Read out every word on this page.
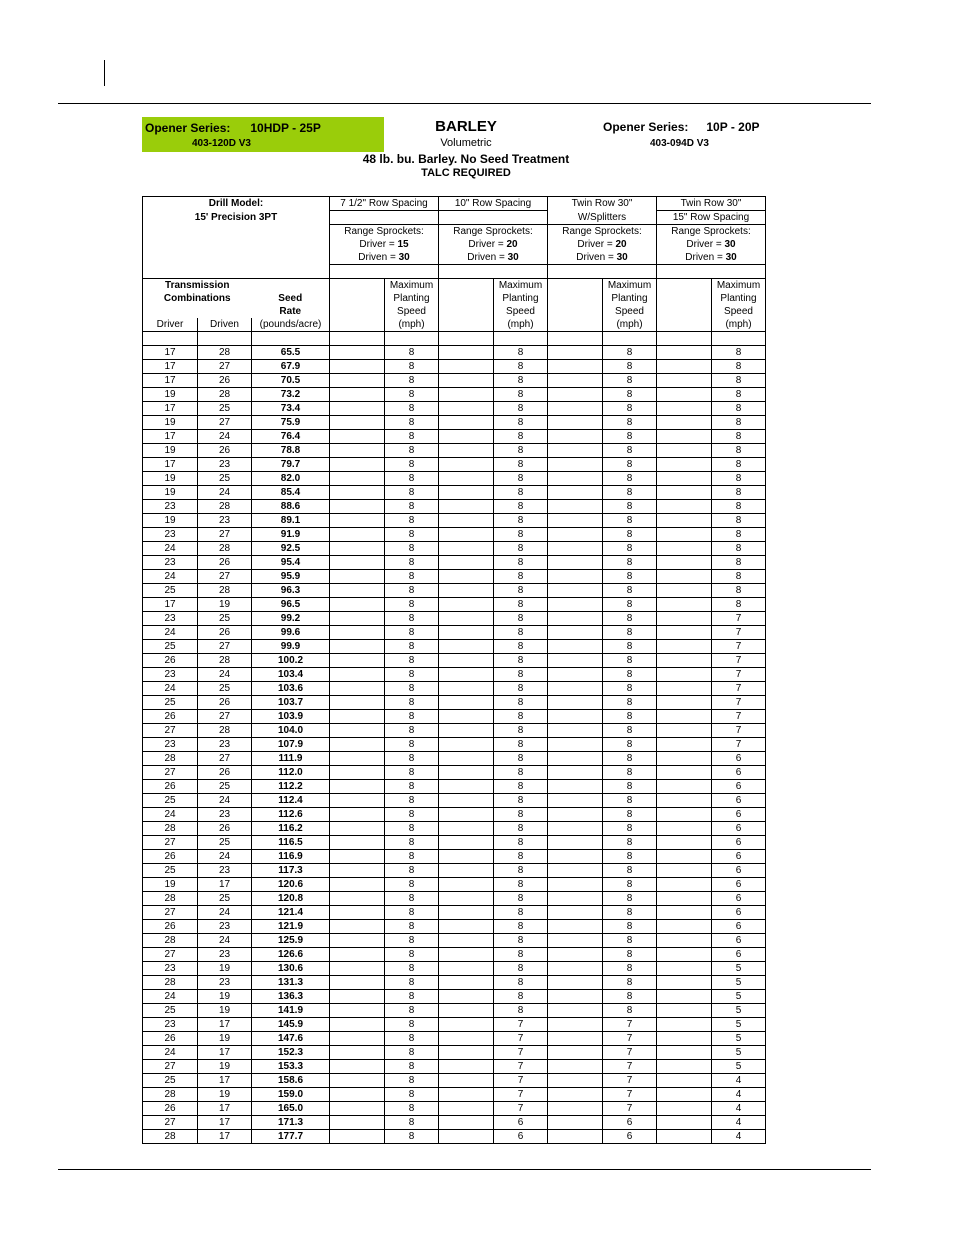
Opener Series: 10HDP - 25P
403-120D V3
BARLEY
Volumetric
Opener Series: 10P - 20P
403-094D V3
48 lb. bu. Barley. No Seed Treatment
TALC REQUIRED
Drill Model:			7 1/2" Row Spacing		10" Row Spacing		Twin Row 30"		Twin Row 30"	
15' Precision 3PT							W/Splitters		15" Row Spacing	
			Range Sprockets:		Range Sprockets:		Range Sprockets:		Range Sprockets:	
			Driver = 15		Driver = 20		Driver = 20		Driver = 30	
			Driven = 30		Driven = 30		Driven = 30		Driven = 30	

Transmission				Maximum		Maximum		Maximum		Maximum
Combinations		Seed		Planting		Planting		Planting		Planting
		Rate		Speed		Speed		Speed		Speed
Driver	Driven	(pounds/acre)		(mph)		(mph)		(mph)		(mph)

17	28	65.5		8		8		8		8
17	27	67.9		8		8		8		8
17	26	70.5		8		8		8		8
19	28	73.2		8		8		8		8
17	25	73.4		8		8		8		8
19	27	75.9		8		8		8		8
17	24	76.4		8		8		8		8
19	26	78.8		8		8		8		8
17	23	79.7		8		8		8		8
19	25	82.0		8		8		8		8
19	24	85.4		8		8		8		8
23	28	88.6		8		8		8		8
19	23	89.1		8		8		8		8
23	27	91.9		8		8		8		8
24	28	92.5		8		8		8		8
23	26	95.4		8		8		8		8
24	27	95.9		8		8		8		8
25	28	96.3		8		8		8		8
17	19	96.5		8		8		8		8
23	25	99.2		8		8		8		7
24	26	99.6		8		8		8		7
25	27	99.9		8		8		8		7
26	28	100.2		8		8		8		7
23	24	103.4		8		8		8		7
24	25	103.6		8		8		8		7
25	26	103.7		8		8		8		7
26	27	103.9		8		8		8		7
27	28	104.0		8		8		8		7
23	23	107.9		8		8		8		7
28	27	111.9		8		8		8		6
27	26	112.0		8		8		8		6
26	25	112.2		8		8		8		6
25	24	112.4		8		8		8		6
24	23	112.6		8		8		8		6
28	26	116.2		8		8		8		6
27	25	116.5		8		8		8		6
26	24	116.9		8		8		8		6
25	23	117.3		8		8		8		6
19	17	120.6		8		8		8		6
28	25	120.8		8		8		8		6
27	24	121.4		8		8		8		6
26	23	121.9		8		8		8		6
28	24	125.9		8		8		8		6
27	23	126.6		8		8		8		6
23	19	130.6		8		8		8		5
28	23	131.3		8		8		8		5
24	19	136.3		8		8		8		5
25	19	141.9		8		8		8		5
23	17	145.9		8		7		7		5
26	19	147.6		8		7		7		5
24	17	152.3		8		7		7		5
27	19	153.3		8		7		7		5
25	17	158.6		8		7		7		4
28	19	159.0		8		7		7		4
26	17	165.0		8		7		7		4
27	17	171.3		8		6		6		4
28	17	177.7		8		6		6		4
